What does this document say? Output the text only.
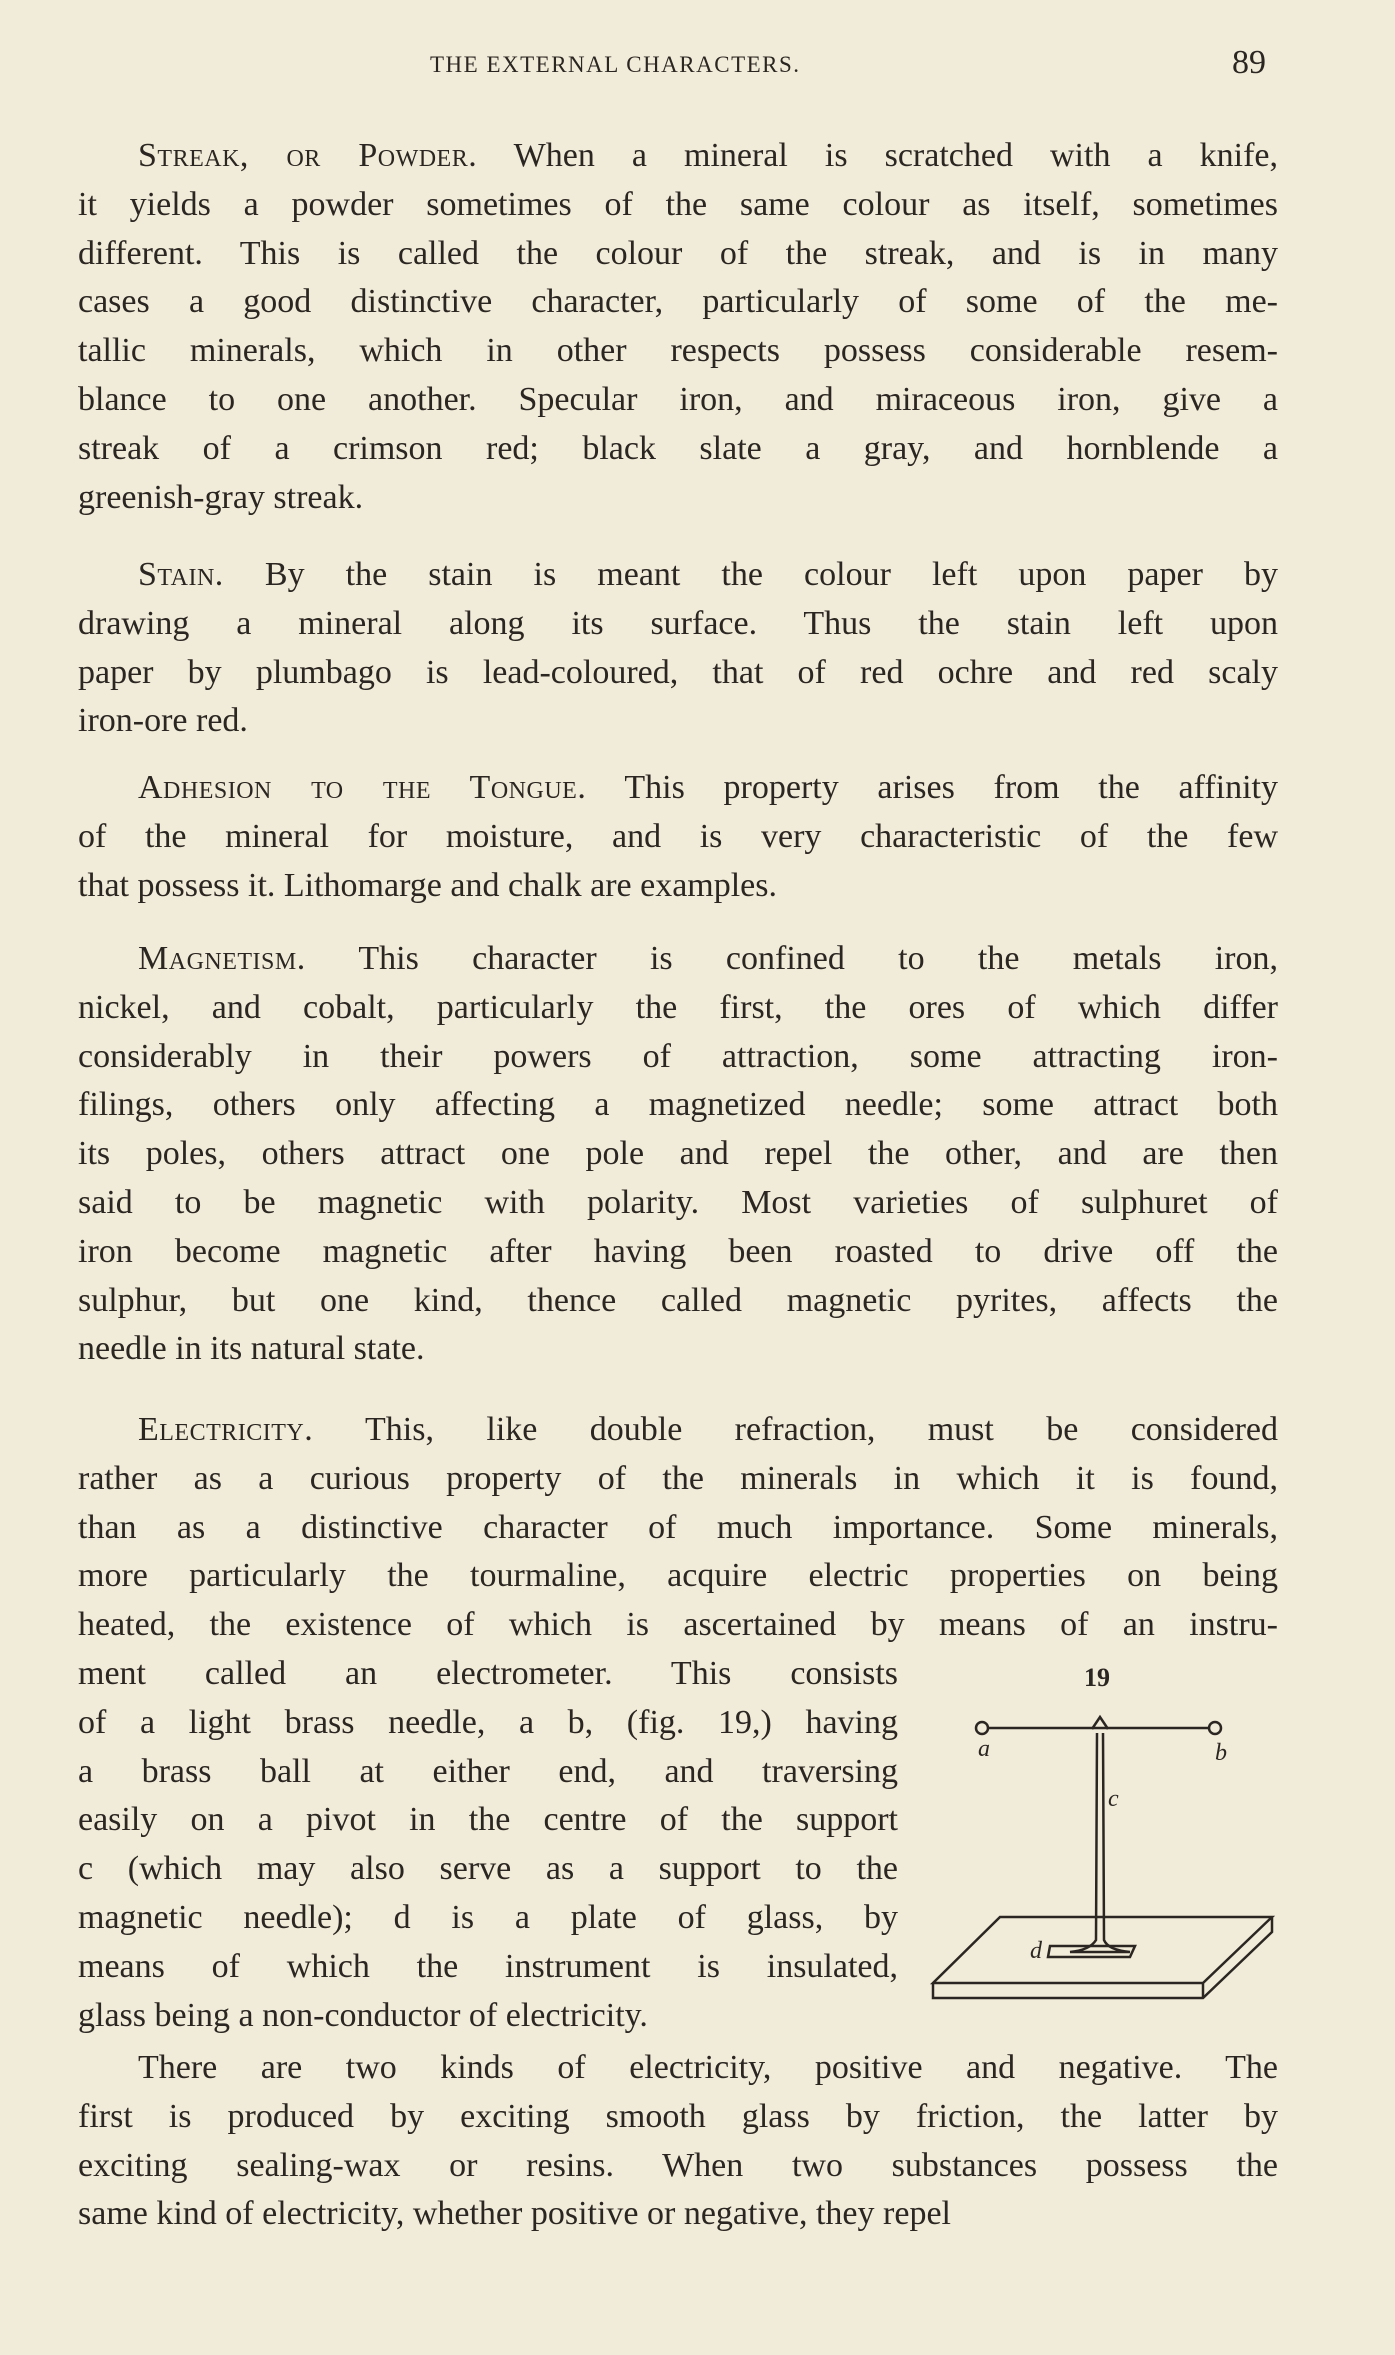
THE EXTERNAL CHARACTERS.	89
Streak, or Powder. When a mineral is scratched with a knife,
it yields a powder sometimes of the same colour as itself, sometimes
different. This is called the colour of the streak, and is in many
cases a good distinctive character, particularly of some of the me-
tallic minerals, which in other respects possess considerable resem-
blance to one another. Specular iron, and miraceous iron, give a
streak of a crimson red; black slate a gray, and hornblende a
greenish-gray streak.
Stain. By the stain is meant the colour left upon paper by
drawing a mineral along its surface. Thus the stain left upon
paper by plumbago is lead-coloured, that of red ochre and red scaly
iron-ore red.
Adhesion to the Tongue. This property arises from the affinity
of the mineral for moisture, and is very characteristic of the few
that possess it. Lithomarge and chalk are examples.
Magnetism. This character is confined to the metals iron,
nickel, and cobalt, particularly the first, the ores of which differ
considerably in their powers of attraction, some attracting iron-
filings, others only affecting a magnetized needle; some attract both
its poles, others attract one pole and repel the other, and are then
said to be magnetic with polarity. Most varieties of sulphuret of
iron become magnetic after having been roasted to drive off the
sulphur, but one kind, thence called magnetic pyrites, affects the
needle in its natural state.
Electricity. This, like double refraction, must be considered
rather as a curious property of the minerals in which it is found,
than as a distinctive character of much importance. Some minerals,
more particularly the tourmaline, acquire electric properties on being
heated, the existence of which is ascertained by means of an instru-
ment called an electrometer. This consists
of a light brass needle, a b, (fig. 19,) having
a brass ball at either end, and traversing
easily on a pivot in the centre of the support
c (which may also serve as a support to the
magnetic needle); d is a plate of glass, by
means of which the instrument is insulated,
glass being a non-conductor of electricity.
There are two kinds of electricity, positive and negative. The
first is produced by exciting smooth glass by friction, the latter by
exciting sealing-wax or resins. When two substances possess the
same kind of electricity, whether positive or negative, they repel
19
a	b
c
d
